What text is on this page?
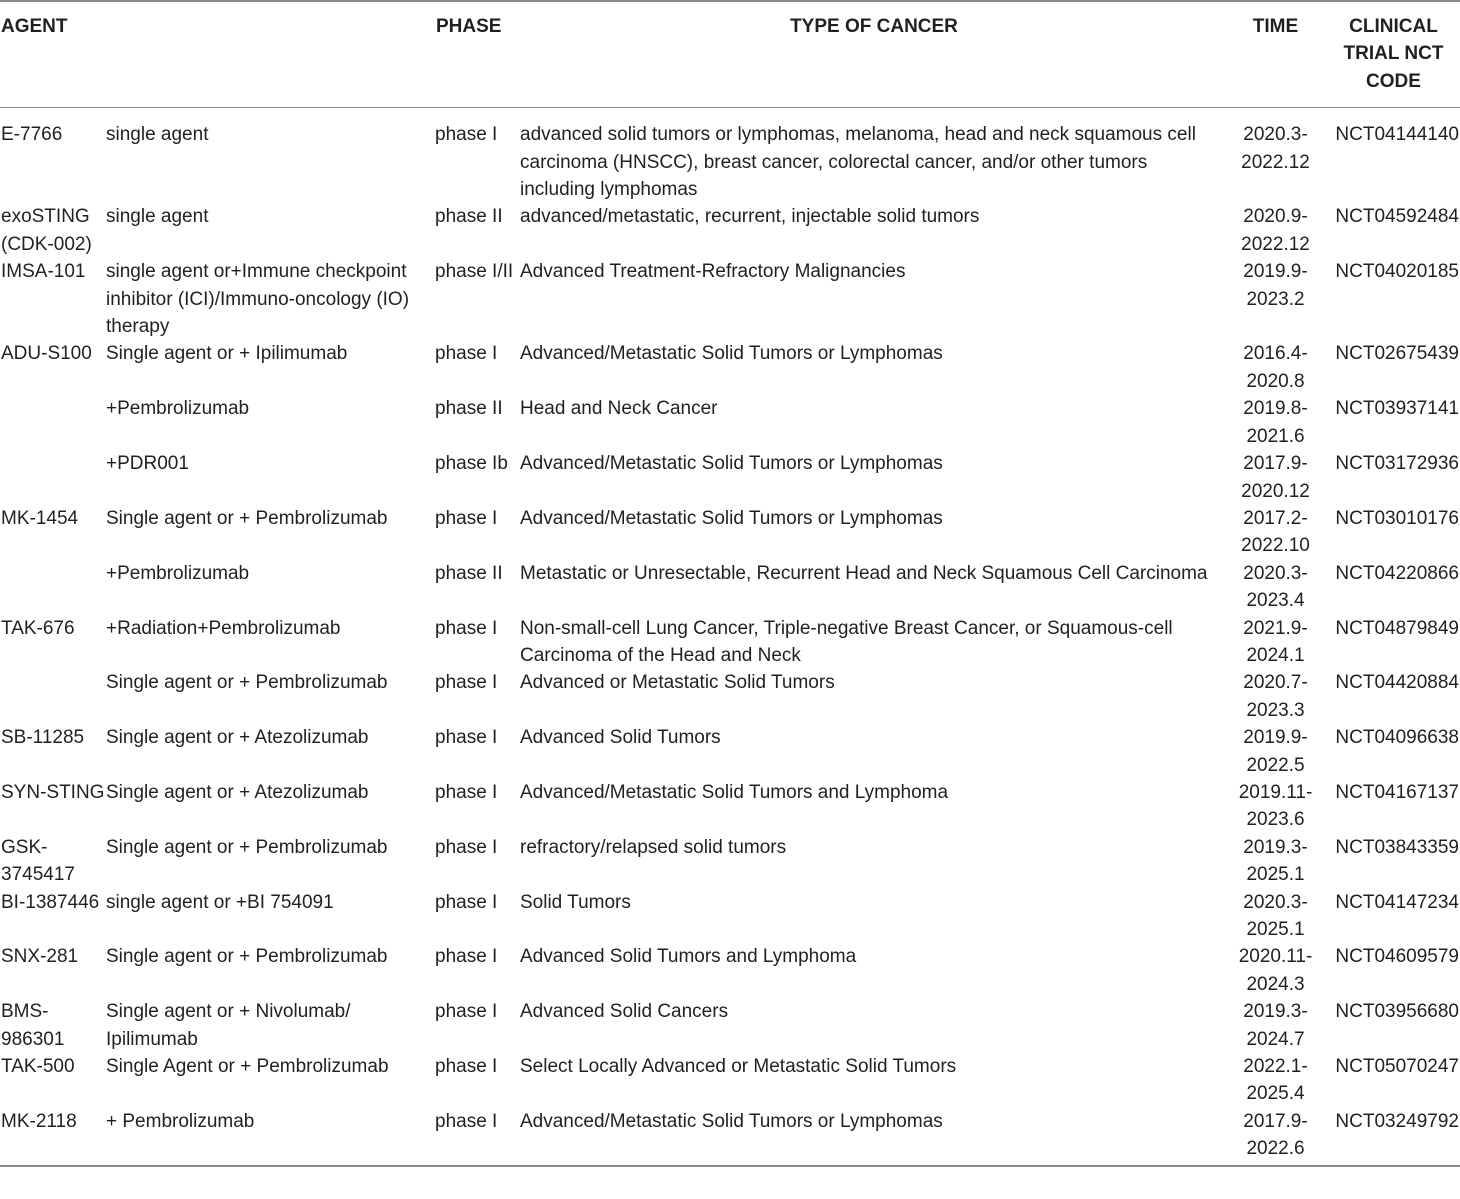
AGENT		PHASE	TYPE OF CANCER	TIME	CLINICAL TRIAL NCT CODE
E-7766	single agent	phase I	advanced solid tumors or lymphomas, melanoma, head and neck squamous cell carcinoma (HNSCC), breast cancer, colorectal cancer, and/or other tumors including lymphomas	2020.3-2022.12	NCT04144140
exoSTING (CDK-002)	single agent	phase II	advanced/metastatic, recurrent, injectable solid tumors	2020.9-2022.12	NCT04592484
IMSA-101	single agent or+Immune checkpoint inhibitor (ICI)/Immuno-oncology (IO) therapy	phase I/II	Advanced Treatment-Refractory Malignancies	2019.9-2023.2	NCT04020185
ADU-S100	Single agent or + Ipilimumab	phase I	Advanced/Metastatic Solid Tumors or Lymphomas	2016.4-2020.8	NCT02675439
	+Pembrolizumab	phase II	Head and Neck Cancer	2019.8-2021.6	NCT03937141
	+PDR001	phase Ib	Advanced/Metastatic Solid Tumors or Lymphomas	2017.9-2020.12	NCT03172936
MK-1454	Single agent or + Pembrolizumab	phase I	Advanced/Metastatic Solid Tumors or Lymphomas	2017.2-2022.10	NCT03010176
	+Pembrolizumab	phase II	Metastatic or Unresectable, Recurrent Head and Neck Squamous Cell Carcinoma	2020.3-2023.4	NCT04220866
TAK-676	+Radiation+Pembrolizumab	phase I	Non-small-cell Lung Cancer, Triple-negative Breast Cancer, or Squamous-cell Carcinoma of the Head and Neck	2021.9-2024.1	NCT04879849
	Single agent or + Pembrolizumab	phase I	Advanced or Metastatic Solid Tumors	2020.7-2023.3	NCT04420884
SB-11285	Single agent or + Atezolizumab	phase I	Advanced Solid Tumors	2019.9-2022.5	NCT04096638
SYN-STING	Single agent or + Atezolizumab	phase I	Advanced/Metastatic Solid Tumors and Lymphoma	2019.11-2023.6	NCT04167137
GSK-3745417	Single agent or + Pembrolizumab	phase I	refractory/relapsed solid tumors	2019.3-2025.1	NCT03843359
BI-1387446	single agent or +BI 754091	phase I	Solid Tumors	2020.3-2025.1	NCT04147234
SNX-281	Single agent or + Pembrolizumab	phase I	Advanced Solid Tumors and Lymphoma	2020.11-2024.3	NCT04609579
BMS-986301	Single agent or + Nivolumab/ Ipilimumab	phase I	Advanced Solid Cancers	2019.3-2024.7	NCT03956680
TAK-500	Single Agent or + Pembrolizumab	phase I	Select Locally Advanced or Metastatic Solid Tumors	2022.1-2025.4	NCT05070247
MK-2118	+ Pembrolizumab	phase I	Advanced/Metastatic Solid Tumors or Lymphomas	2017.9-2022.6	NCT03249792
